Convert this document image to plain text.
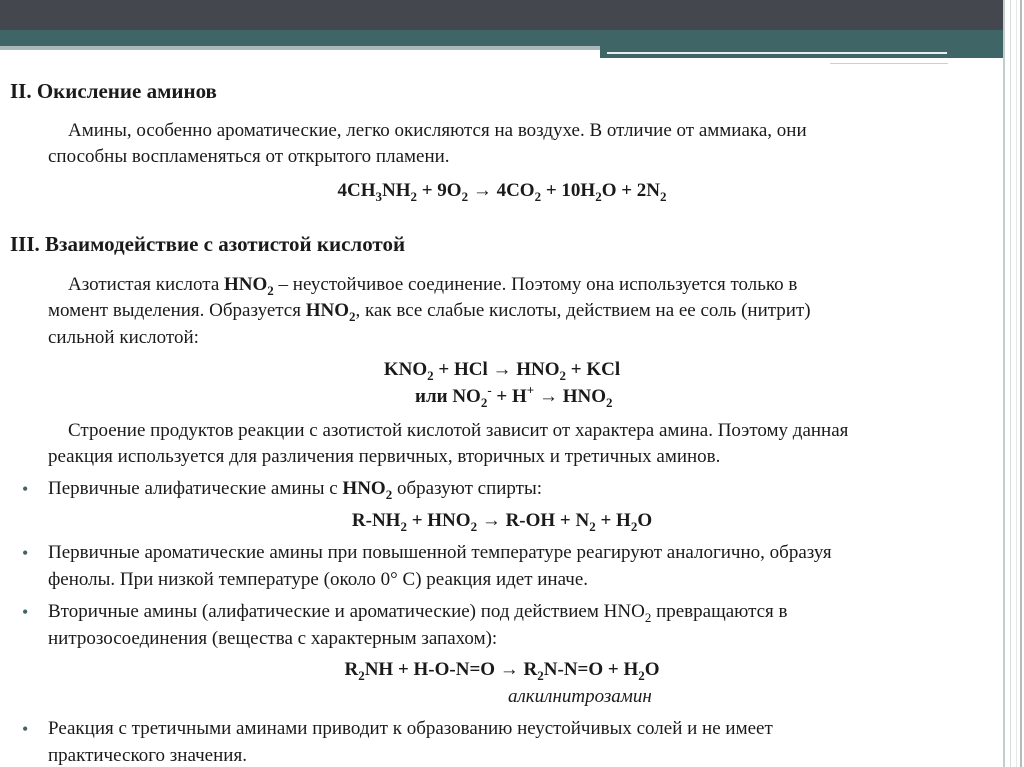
II. Окисление аминов
Амины, особенно ароматические, легко окисляются на воздухе. В отличие от аммиака, они
способны воспламеняться от открытого пламени.
$4CH_3NH_2 + 9O_2 \to 4CO_2 + 10H_2O + 2N_2$
III. Взаимодействие с азотистой кислотой
Азотистая кислота $HNO_2$ – неустойчивое соединение. Поэтому она используется только в
момент выделения. Образуется $HNO_2$, как все слабые кислоты, действием на ее соль (нитрит)
сильной кислотой:
$KNO_2$ + HCl → $HNO_2$ + KCl
или $NO_2^- + H^+ \to HNO_2$
Строение продуктов реакции с азотистой кислотой зависит от характера амина. Поэтому данная
реакция используется для различения первичных, вторичных и третичных аминов.
• Первичные алифатические амины с $HNO_2$ образуют спирты:
$R-NH_2 + HNO_2 \to R-OH + N_2 + H_2O$
• Первичные ароматические амины при повышенной температуре реагируют аналогично, образуя
фенолы. При низкой температуре (около 0° С) реакция идет иначе.
• Вторичные амины (алифатические и ароматические) под действием $HNO_2$ превращаются в
нитрозосоединения (вещества с характерным запахом):
$R_2NH + H-O-N=O \to R_2N-N=O + H_2O$
алкилнитрозамин
• Реакция с третичными аминами приводит к образованию неустойчивых солей и не имеет
практического значения.
